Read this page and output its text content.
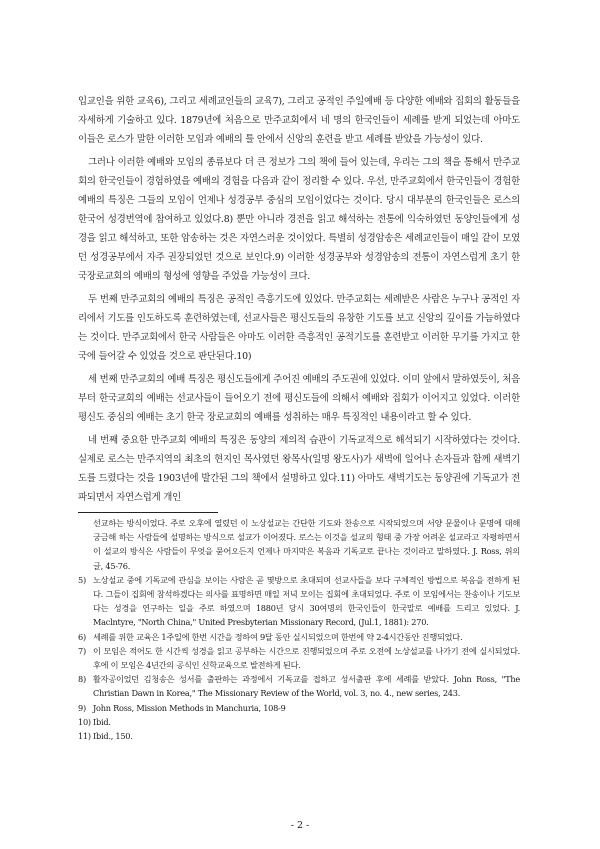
입교인을 위한 교육6), 그리고 세례교인들의 교육7), 그리고 공적인 주일예배 등 다양한 예배와 집회의 활동들을 자세하게 기술하고 있다. 1879년에 처음으로 만주교회에서 네 명의 한국인들이 세례를 받게 되었는데 아마도 이들은 로스가 말한 이러한 모임과 예배의 틀 안에서 신앙의 훈련을 받고 세례를 받았을 가능성이 있다.

그러나 이러한 예배와 모임의 종류보다 더 큰 정보가 그의 책에 들어 있는데, 우리는 그의 책을 통해서 만주교회의 한국인들이 경험하였을 예배의 경험을 다음과 같이 정리할 수 있다. 우선, 만주교회에서 한국인들이 경험한 예배의 특징은 그들의 모임이 언제나 성경공부 중심의 모임이었다는 것이다. 당시 대부분의 한국인들은 로스의 한국어 성경번역에 참여하고 있었다.8) 뿐만 아니라 경전을 읽고 해석하는 전통에 익숙하였던 동양인들에게 성경을 읽고 해석하고, 또한 암송하는 것은 자연스러운 것이었다. 특별히 성경암송은 세례교인들이 매일 같이 모였던 성경공부에서 자주 권장되었던 것으로 보인다.9) 이러한 성경공부와 성경암송의 전통이 자연스럽게 초기 한국장로교회의 예배의 형성에 영향을 주었을 가능성이 크다.

두 번째 만주교회의 예배의 특징은 공적인 즉흥기도에 있었다. 만주교회는 세례받은 사람은 누구나 공적인 자리에서 기도를 인도하도록 훈련하였는데, 선교사들은 평신도들의 유창한 기도를 보고 신앙의 깊이를 가늠하였다는 것이다. 만주교회에서 한국 사람들은 아마도 이러한 즉흥적인 공적기도를 훈련받고 이러한 무기를 가지고 한국에 들어갈 수 있었을 것으로 판단된다.10)

세 번째 만주교회의 예배 특징은 평신도들에게 주어진 예배의 주도권에 있었다. 이미 앞에서 말하였듯이, 처음부터 한국교회의 예배는 선교사들이 들어오기 전에 평신도들에 의해서 예배와 집회가 이어지고 있었다. 이러한 평신도 중심의 예배는 초기 한국 장로교회의 예배를 성취하는 매우 특징적인 내용이라고 할 수 있다.

네 번째 중요한 만주교회 예배의 특징은 동양의 제의적 습관이 기독교적으로 해석되기 시작하였다는 것이다. 실제로 로스는 만주지역의 최초의 현지인 목사였던 왕목사(일명 왕도사)가 새벽에 일어나 손자들과 함께 새벽기도를 드렸다는 것을 1903년에 발간된 그의 책에서 설명하고 있다.11) 아마도 새벽기도는 동양권에 기독교가 전파되면서 자연스럽게 개인

선교하는 방식이었다. 주로 오후에 열렸던 이 노상설교는 간단한 기도와 찬송으로 시작되었으며 서양 문물이나 문명에 대해 궁금해 하는 사람들에 설명하는 방식으로 설교가 이어졌다. 로스는 이것을 설교의 형태 중 가장 어려운 설교라고 자평하면서 이 설교의 방식은 사람들이 무엇을 묻어오든지 언제나 마지막은 복음과 기독교로 끝나는 것이라고 말하였다. J. Ross, 위의 글, 45-76.
5) 노상설교 중에 기독교에 관심을 보이는 사람은 곧 몇방으로 초대되며 선교사들을 보다 구체적인 방법으로 복음을 전하게 된다. 그들이 집회에 참석하겠다는 의사를 표명하면 매일 저녁 모이는 집회에 초대되었다. 주로 이 모임에서는 찬송이나 기도보다는 성경을 연구하는 일을 주로 하였으며 1880년 당시 30여명의 한국인들이 한국말로 예배를 드리고 있었다. J. Maclntyre, "North China," United Presbyterian Missionary Record, (Jul.1, 1881): 270.
6) 세례를 위한 교육은 1주일에 한번 시간을 정하여 9달 동안 실시되었으며 한번에 약 2-4시간동안 진행되었다.
7) 이 모임은 적어도 한 시간씩 성경을 읽고 공부하는 시간으로 진행되었으며 주로 오전에 노상설교를 나가기 전에 실시되었다. 후에 이 모임은 4년간의 공식인 신학교육으로 발전하게 된다.
8) 활자공이었던 김청송은 성서를 출판하는 과정에서 기독교를 접하고 성서출판 후에 세례를 받았다. John Ross, "The Christian Dawn in Korea," The Missionary Review of the World, vol. 3, no. 4., new series, 243.
9) John Ross, Mission Methods in Manchuria, 108-9
10) Ibid.
11) Ibid., 150.
- 2 -
